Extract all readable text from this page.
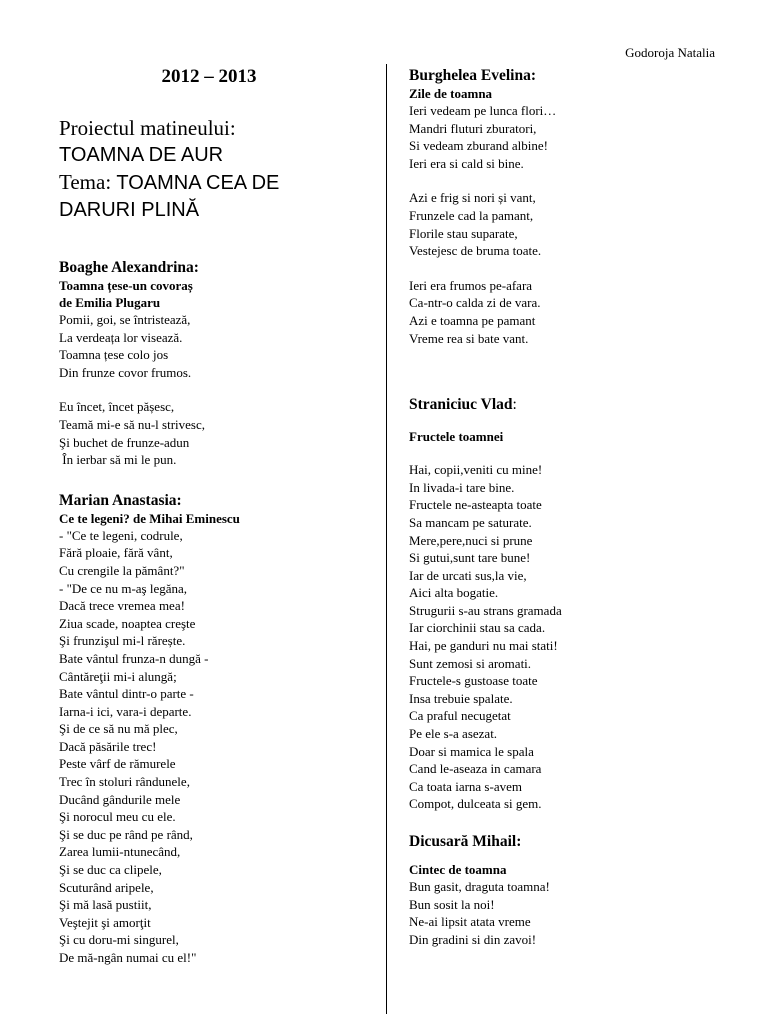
Godoroja Natalia
2012 – 2013
Proiectul matineului:
TOAMNA DE AUR
Tema: TOAMNA CEA DE
DARURI PLINĂ
Boaghe Alexandrina:
Toamna țese-un covoraș
de Emilia Plugaru
Pomii, goi, se întristează,
La verdeața lor visează.
Toamna țese colo jos
Din frunze covor frumos.
Eu încet, încet pășesc,
Teamă mi-e să nu-l strivesc,
Şi buchet de frunze-adun
În ierbar să mi le pun.
Marian Anastasia:
Ce te legeni? de Mihai Eminescu
- "Ce te legeni, codrule,
Fără ploaie, fără vânt,
Cu crengile la pământ?"
- "De ce nu m-aş legăna,
Dacă trece vremea mea!
Ziua scade, noaptea creşte
Şi frunzişul mi-l rărește.
Bate vântul frunza-n dungă -
Cântăreţii mi-i alungă;
Bate vântul dintr-o parte -
Iarna-i ici, vara-i departe.
Şi de ce să nu mă plec,
Dacă păsările trec!
Peste vârf de rămurele
Trec în stoluri rândunele,
Ducând gândurile mele
Şi norocul meu cu ele.
Şi se duc pe rând pe rând,
Zarea lumii-ntunecând,
Şi se duc ca clipele,
Scuturând aripele,
Şi mă lasă pustiit,
Veştejit şi amorţit
Şi cu doru-mi singurel,
De mă-ngân numai cu el!"
Burghelea Evelina:
Zile de toamna
Ieri vedeam pe lunca flori…
Mandri fluturi zburatori,
Si vedeam zburand albine!
Ieri era si cald si bine.
Azi e frig si nori și vant,
Frunzele cad la pamant,
Florile stau suparate,
Vestejesc de bruma toate.
Ieri era frumos pe-afara
Ca-ntr-o calda zi de vara.
Azi e toamna pe pamant
Vreme rea si bate vant.
Straniciuc Vlad:
Fructele toamnei
Hai, copii,veniti cu mine!
In livada-i tare bine.
Fructele ne-asteapta toate
Sa mancam pe saturate.
Mere,pere,nuci si prune
Si gutui,sunt tare bune!
Iar de urcati sus,la vie,
Aici alta bogatie.
Strugurii s-au strans gramada
Iar ciorchinii stau sa cada.
Hai, pe ganduri nu mai stati!
Sunt zemosi si aromati.
Fructele-s gustoase toate
Insa trebuie spalate.
Ca praful necugetat
Pe ele s-a asezat.
Doar si mamica le spala
Cand le-aseaza in camara
Ca toata iarna s-avem
Compot, dulceata si gem.
Dicusară Mihail:
Cintec de toamna
Bun gasit, draguta toamna!
Bun sosit la noi!
Ne-ai lipsit atata vreme
Din gradini si din zavoi!
